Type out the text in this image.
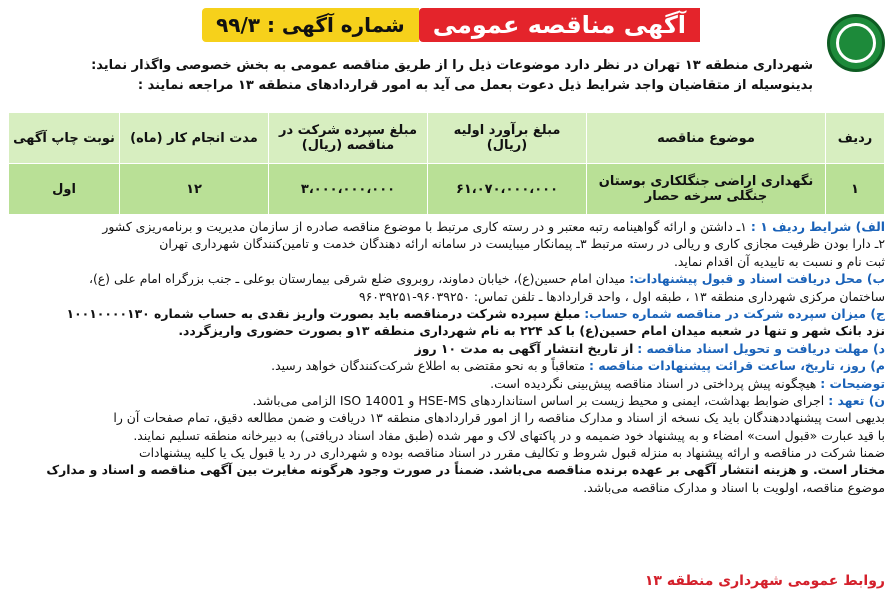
آگهی مناقصه عمومی
شماره آگهی : ۹۹/۳
شهرداری منطقه ۱۳ تهران در نظر دارد موضوعات ذیل را از طریق مناقصه عمومی به بخش خصوصی واگذار نماید:
بدینوسیله از متقاضیان واجد شرایط ذیل دعوت بعمل می آید به امور قراردادهای منطقه ۱۳ مراجعه نمایند :
ردیف	موضوع مناقصه	مبلغ برآورد اولیه (ریال)	مبلغ سپرده شرکت در مناقصه (ریال)	مدت انجام کار (ماه)	نوبت چاپ آگهی
۱	نگهداری اراضی جنگلکاری بوستان جنگلی سرخه حصار	۶۱،۰۷۰،۰۰۰،۰۰۰	۳،۰۰۰،۰۰۰،۰۰۰	۱۲	اول
الف) شرایط ردیف ۱ : ۱ـ داشتن و ارائه گواهینامه رتبه معتبر و در رسته کاری مرتبط با موضوع مناقصه صادره از سازمان مدیریت و برنامه‌ریزی کشور
۲ـ دارا بودن ظرفیت مجازی کاری و ریالی در رسته مرتبط ۳ـ پیمانکار میبایست در سامانه ارائه دهندگان خدمت و تامین‌کنندگان شهرداری تهران
ثبت نام و نسبت به تاییدیه آن اقدام نماید.
ب) محل دریافت اسناد و قبول پیشنهادات: میدان امام حسین(ع)، خیابان دماوند، روبروی ضلع شرقی بیمارستان بوعلی ـ جنب بزرگراه امام علی (ع)،
ساختمان مرکزی شهرداری منطقه ۱۳ ، طبقه اول ، واحد قراردادها ـ تلفن تماس: ۹۶۰۳۹۲۵۰-۹۶۰۳۹۲۵۱
ج) میزان سپرده شرکت در مناقصه شماره حساب: مبلغ سپرده شرکت درمناقصه باید بصورت واریز نقدی به حساب شماره ۱۰۰۱۰۰۰۰۱۳۰
نزد بانک شهر و تنها در شعبه میدان امام حسین(ع) با کد ۲۲۴ به نام شهرداری منطقه ۱۳و بصورت حضوری واریزگردد.
د) مهلت دریافت و تحویل اسناد مناقصه : از تاریخ انتشار آگهی به مدت ۱۰ روز
م) روز، تاریخ، ساعت قرائت پیشنهادات مناقصه : متعاقباً و به نحو مقتضی به اطلاع شرکت‌کنندگان خواهد رسید.
توضیحات : هیچگونه پیش پرداختی در اسناد مناقصه پیش‌بینی نگردیده است.
ن) تعهد : اجرای ضوابط بهداشت، ایمنی و محیط زیست بر اساس استانداردهای HSE-MS و ISO 14001 الزامی می‌باشد.
بدیهی است پیشنهاددهندگان باید یک نسخه از اسناد و مدارک مناقصه را از امور قراردادهای منطقه ۱۳ دریافت و ضمن مطالعه دقیق، تمام صفحات آن را
با قید عبارت «قبول است» امضاء و به پیشنهاد خود ضمیمه و در پاکتهای لاک و مهر شده (طبق مفاد اسناد دریافتی) به دبیرخانه منطقه تسلیم نمایند.
ضمنا شرکت در مناقصه و ارائه پیشنهاد به منزله قبول شروط و تکالیف مقرر در اسناد مناقصه بوده و شهرداری در رد یا قبول یک یا کلیه پیشنهادات
مختار است. و هزینه انتشار آگهی بر عهده برنده مناقصه می‌باشد. ضمناً در صورت وجود هرگونه مغایرت بین آگهی مناقصه و اسناد و مدارک
موضوع مناقصه، اولویت با اسناد و مدارک مناقصه می‌باشد.
روابط عمومی شهرداری منطقه ۱۳
